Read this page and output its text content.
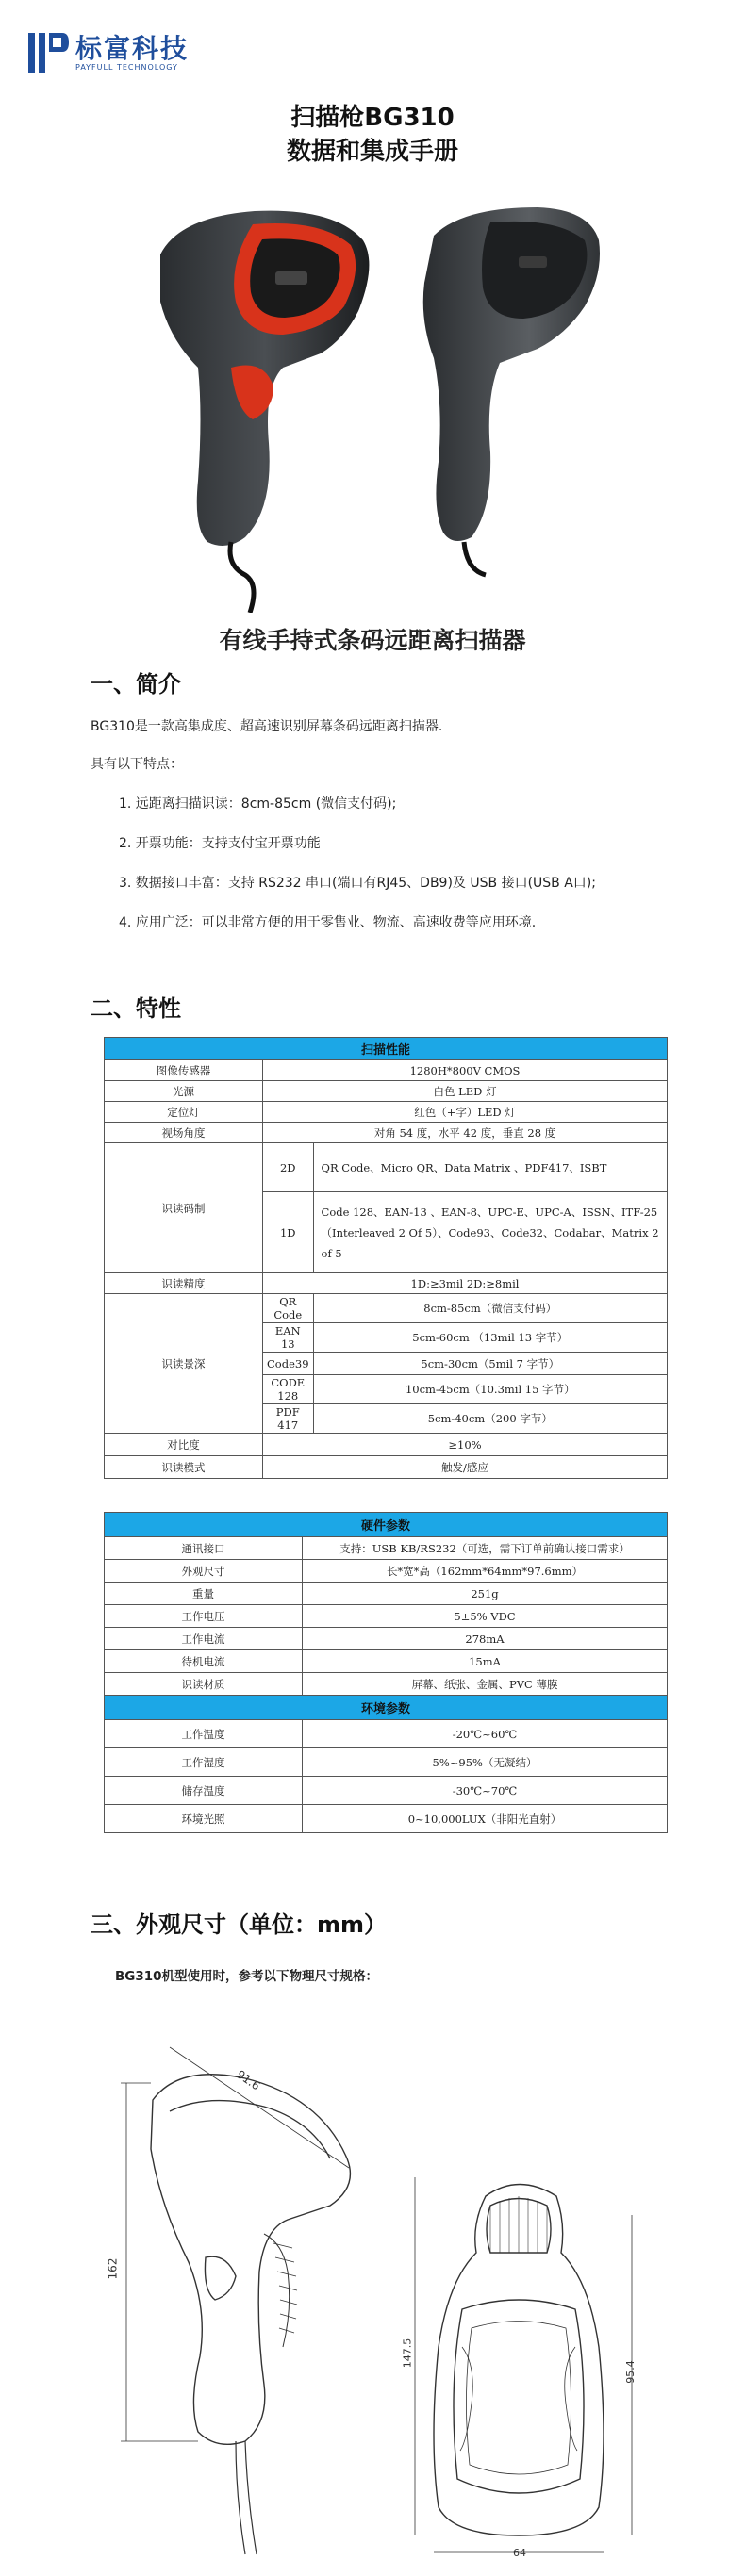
标富科技
PAYFULL TECHNOLOGY
扫描枪BG310
数据和集成手册
有线手持式条码远距离扫描器
一、简介
BG310是一款高集成度、超高速识别屏幕条码远距离扫描器.
具有以下特点：
1. 远距离扫描识读：8cm-85cm (微信支付码);
2. 开票功能：支持支付宝开票功能
3. 数据接口丰富：支持 RS232 串口(端口有RJ45、DB9)及 USB 接口(USB A口);
4. 应用广泛：可以非常方便的用于零售业、物流、高速收费等应用环境.
二、特性
扫描性能		
图像传感器	1280H*800V CMOS	
光源	白色 LED 灯	
定位灯	红色（+字）LED 灯	
视场角度	对角 54 度，水平 42 度，垂直 28 度	
识读码制	2D	QR Code、Micro QR、Data Matrix 、PDF417、ISBT
	1D	Code 128、EAN-13 、EAN-8、UPC-E、UPC-A、ISSN、ITF-25（Interleaved 2 Of 5）、Code93、Code32、Codabar、Matrix 2 of 5
识读精度	1D:≥3mil 2D:≥8mil	
识读景深	QR Code	8cm-85cm（微信支付码）
	EAN 13	5cm-60cm （13mil 13 字节）
	Code39	5cm-30cm（5mil 7 字节）
	CODE 128	10cm-45cm（10.3mil 15 字节）
	PDF 417	5cm-40cm（200 字节）
对比度	≥10%	
识读模式	触发/感应	
硬件参数	
通讯接口	支持：USB KB/RS232（可选，需下订单前确认接口需求）
外观尺寸	长*宽*高（162mm*64mm*97.6mm）
重量	251g
工作电压	5±5% VDC
工作电流	278mA
待机电流	15mA
识读材质	屏幕、纸张、金属、PVC 薄膜
环境参数	
工作温度	-20℃~60℃
工作湿度	5%~95%（无凝结）
储存温度	-30℃~70℃
环境光照	0~10,000LUX（非阳光直射）
三、外观尺寸（单位：mm）
BG310机型使用时，参考以下物理尺寸规格：
162
91.6
147.5
95.4
64
